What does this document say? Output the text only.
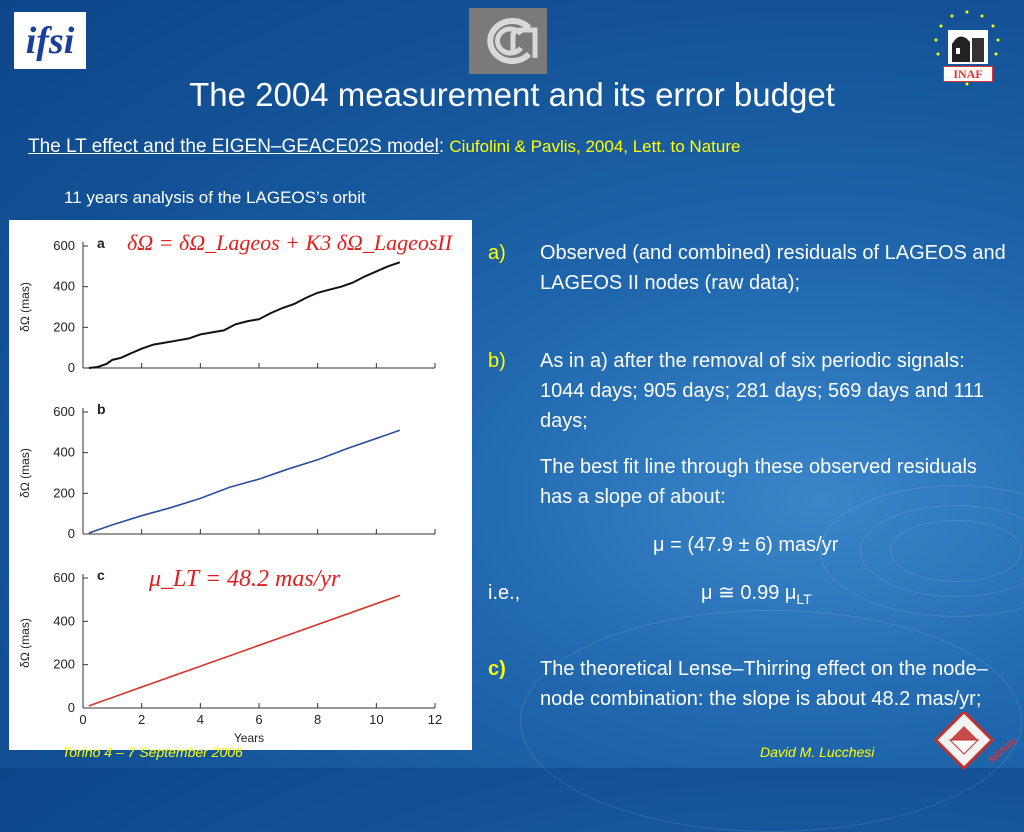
ifsi
INAF
The 2004 measurement and its error budget
The LT effect and the EIGEN–GEACE02S model: Ciufolini & Pavlis, 2004, Lett. to Nature
11 years analysis of the LAGEOS’s orbit
0
200
400
600
δΩ (mas)
a
0
200
400
600
δΩ (mas)
b
0
200
400
600
0	2	4	6	8	10	12
Years
δΩ (mas)
c
δΩ = δΩ_Lageos + K3 δΩ_LageosII
μ_LT = 48.2 mas/yr
a) Observed (and combined) residuals of LAGEOS and LAGEOS II nodes (raw data);
b) As in a) after the removal of six periodic signals: 1044 days; 905 days; 281 days; 569 days and 111 days;
The best fit line through these observed residuals has a slope of about:
μ = (47.9 ± 6) mas/yr
i.e.,	μ ≅ 0.99 $\mu_{LT}$
c) The theoretical Lense–Thirring effect on the node–node combination: the slope is about 48.2 mas/yr;
Torino 4 – 7 September 2006	David M. Lucchesi	SIGRAV
